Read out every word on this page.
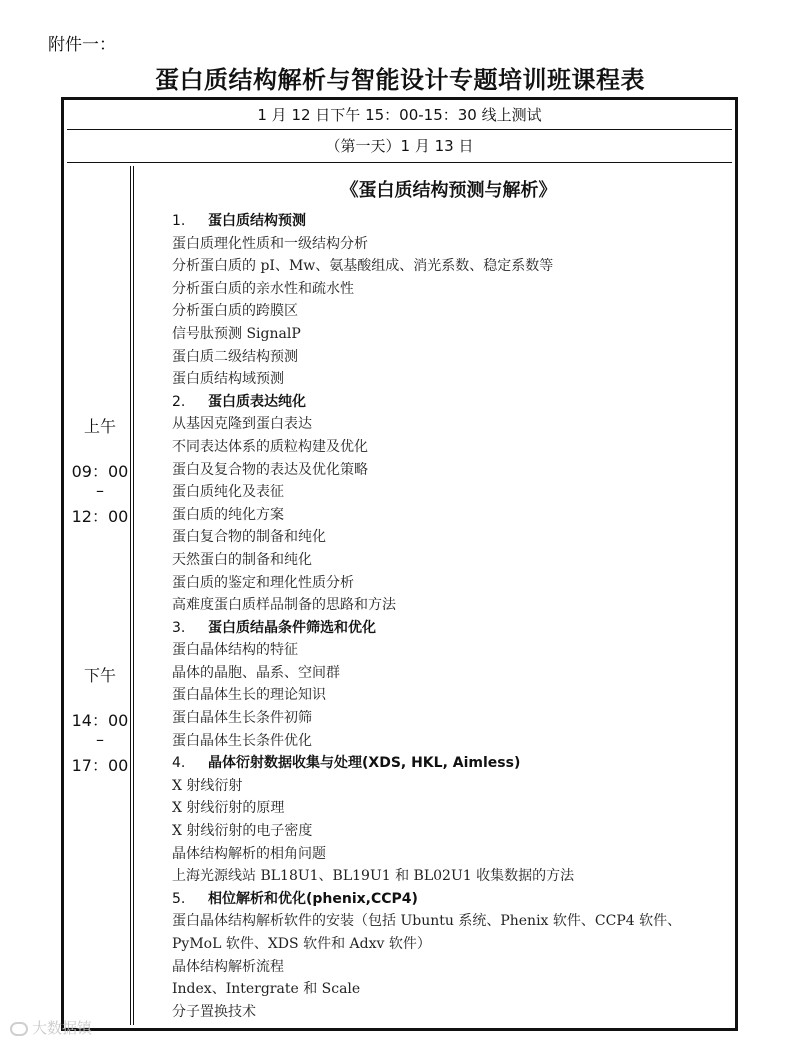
附件一：
蛋白质结构解析与智能设计专题培训班课程表
1 月 12 日下午 15：00-15：30 线上测试
（第一天）1 月 13 日
上午
09：00
–
12：00
下午
14：00
–
17：00
《蛋白质结构预测与解析》
1. 蛋白质结构预测
蛋白质理化性质和一级结构分析
分析蛋白质的 pI、Mw、氨基酸组成、消光系数、稳定系数等
分析蛋白质的亲水性和疏水性
分析蛋白质的跨膜区
信号肽预测 SignalP
蛋白质二级结构预测
蛋白质结构域预测
2. 蛋白质表达纯化
从基因克隆到蛋白表达
不同表达体系的质粒构建及优化
蛋白及复合物的表达及优化策略
蛋白质纯化及表征
蛋白质的纯化方案
蛋白复合物的制备和纯化
天然蛋白的制备和纯化
蛋白质的鉴定和理化性质分析
高难度蛋白质样品制备的思路和方法
3. 蛋白质结晶条件筛选和优化
蛋白晶体结构的特征
晶体的晶胞、晶系、空间群
蛋白晶体生长的理论知识
蛋白晶体生长条件初筛
蛋白晶体生长条件优化
4. 晶体衍射数据收集与处理(XDS, HKL, Aimless)
X 射线衍射
X 射线衍射的原理
X 射线衍射的电子密度
晶体结构解析的相角问题
上海光源线站 BL18U1、BL19U1 和 BL02U1 收集数据的方法
5. 相位解析和优化(phenix,CCP4)
蛋白晶体结构解析软件的安装（包括 Ubuntu 系统、Phenix 软件、CCP4 软件、
PyMoL 软件、XDS 软件和 Adxv 软件）
晶体结构解析流程
Index、Intergrate 和 Scale
分子置换技术
大数据镇
